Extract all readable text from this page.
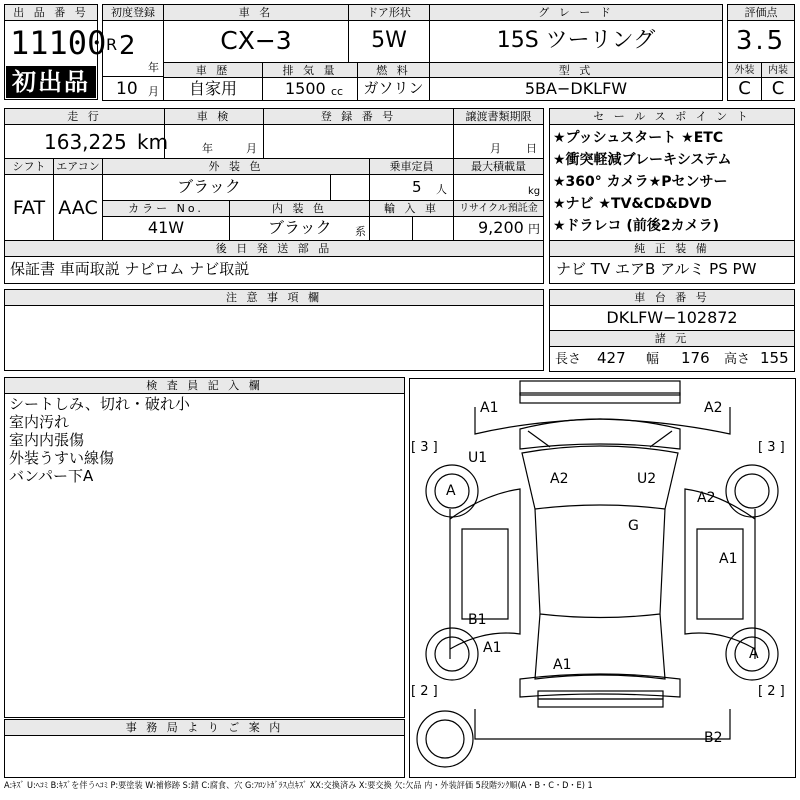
出 品 番 号
11100
初出品
初度登録
R 2
年
10 月
車 名
CX−3
ドア形状
5W
グ レ ー ド
15S ツーリング
車 歴
自家用
排 気 量
1500 cc
燃 料
ガソリン
型 式
5BA−DKLFW
評価点
3.5
外装	内装
C	C
走 行
163,225 km
車 検
年	月
登 録 番 号	譲渡書類期限
月 日
シフト エアコン
FAT AAC
外 装 色
ブラック
乗車定員
5 人
最大積載量
kg
カラー No.
41W
内 装 色
ブラック 系
輸 入 車	リサイクル預託金
9,200 円
セ ー ル ス ポ イ ン ト
★プッシュスタート ★ETC
★衝突軽減ブレーキシステム
★360° カメラ★Pセンサー
★ナビ ★TV&CD&DVD
★ドラレコ (前後2カメラ)
後 日 発 送 部 品
保証書 車両取説 ナビロム ナビ取説
純 正 装 備
ナビ TV エアB アルミ PS PW
注 意 事 項 欄	車 台 番 号
DKLFW−102872
諸 元
長さ 427 幅 176 高さ 155
検 査 員 記 入 欄
シートしみ、切れ・破れ小
室内汚れ
室内内張傷
外装うすい線傷
バンパー下A
事 務 局 よ り ご 案 内
A1	A2
[ 3 ]	[ 3 ]
U1
A2	U2
A	A2
G
A1
B1
A1
A1
A
[ 2 ]	[ 2 ]
B2
A:ｷｽﾞ U:ﾍｺﾐ B:ｷｽﾞを伴うﾍｺﾐ P:要塗装 W:補修跡 S:錆 C:腐食、穴 G:ﾌﾛﾝﾄｶﾞﾗｽ点ｷｽﾞ XX:交換済み X:要交換 欠:欠品 内・外装評価 5段階ﾗﾝｸ順(A・B・C・D・E) 1
